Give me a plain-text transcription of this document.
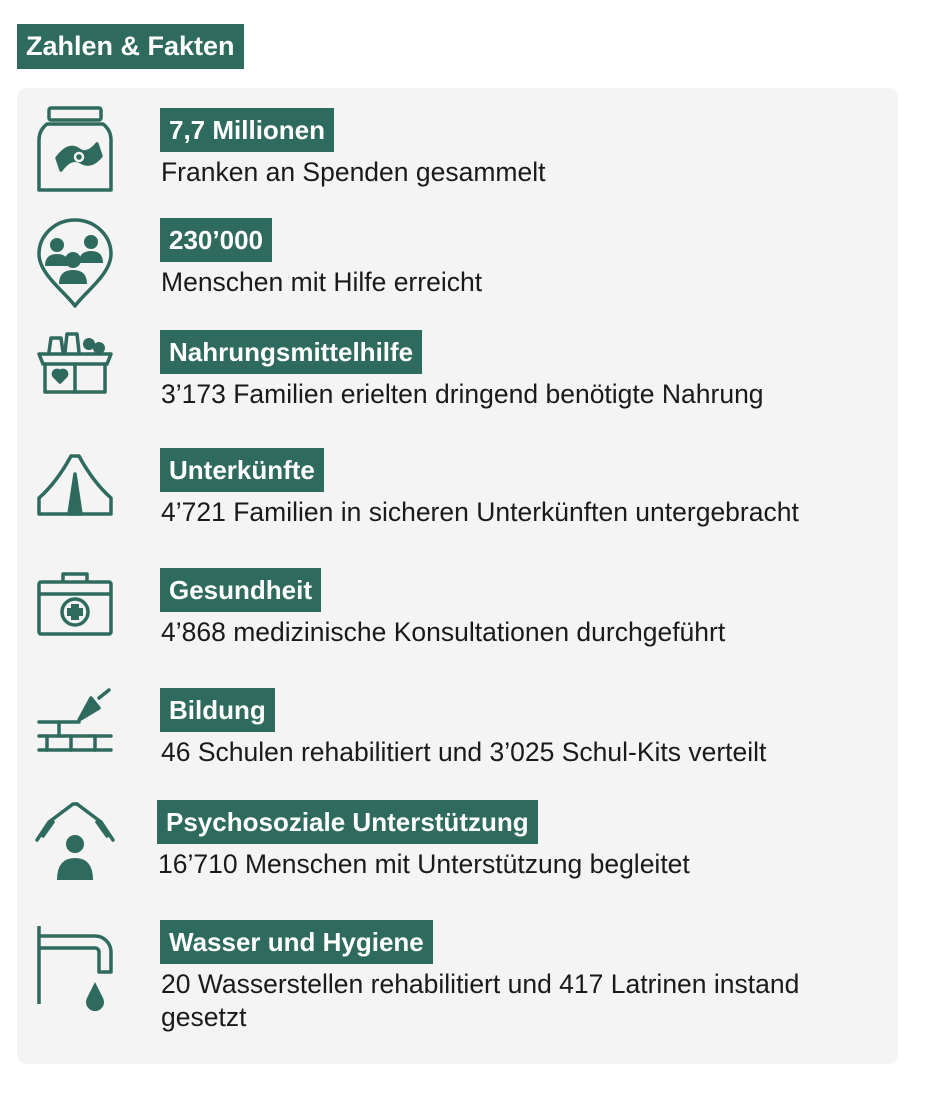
Zahlen & Fakten
7,7 Millionen
Franken an Spenden gesammelt
230’000
Menschen mit Hilfe erreicht
Nahrungsmittelhilfe
3’173 Familien erielten dringend benötigte Nahrung
Unterkünfte
4’721 Familien in sicheren Unterkünften untergebracht
Gesundheit
4’868 medizinische Konsultationen durchgeführt
Bildung
46 Schulen rehabilitiert und 3’025 Schul-Kits verteilt
Psychosoziale Unterstützung
16’710 Menschen mit Unterstützung begleitet
Wasser und Hygiene
20 Wasserstellen rehabilitiert und 417 Latrinen instand gesetzt
